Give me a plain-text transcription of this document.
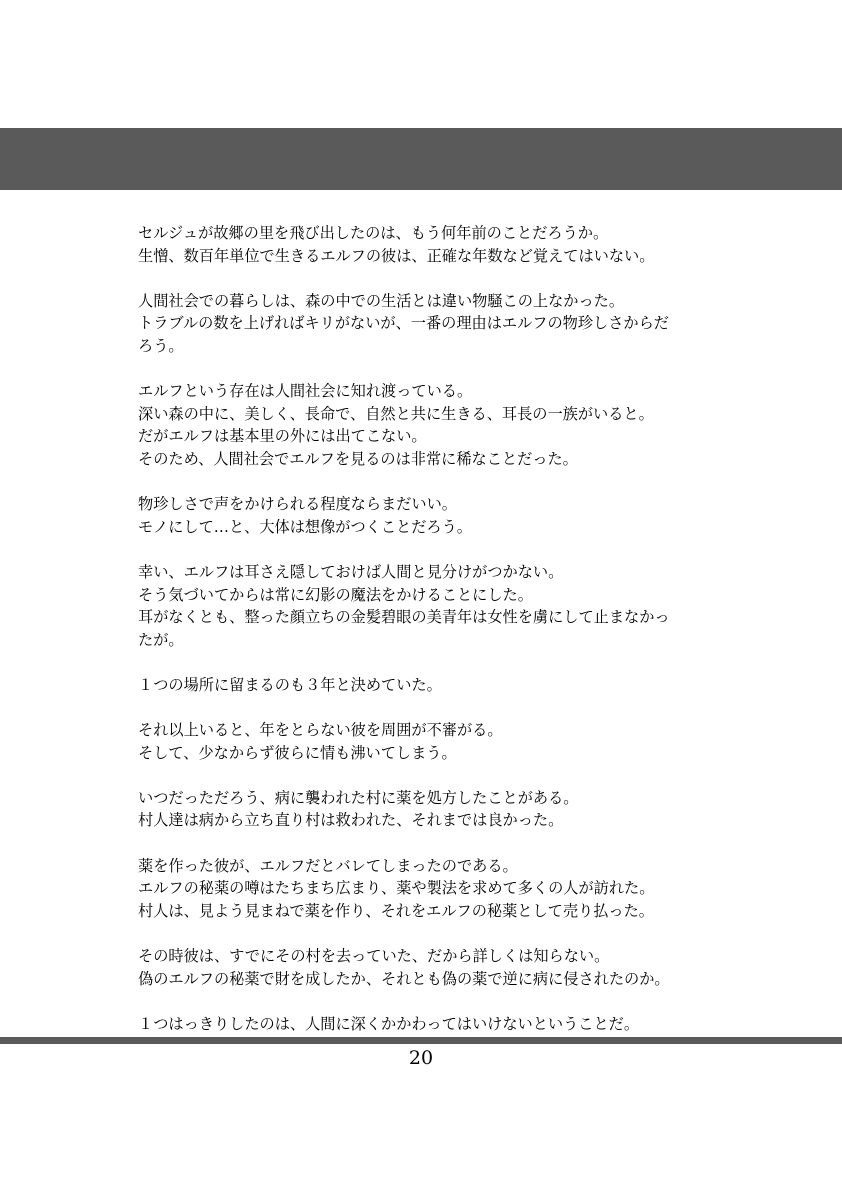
セルジュが故郷の里を飛び出したのは、もう何年前のことだろうか。
生憎、数百年単位で生きるエルフの彼は、正確な年数など覚えてはいない。
人間社会での暮らしは、森の中での生活とは違い物騒この上なかった。
トラブルの数を上げればキリがないが、一番の理由はエルフの物珍しさからだ
ろう。
エルフという存在は人間社会に知れ渡っている。
深い森の中に、美しく、長命で、自然と共に生きる、耳長の一族がいると。
だがエルフは基本里の外には出てこない。
そのため、人間社会でエルフを見るのは非常に稀なことだった。
物珍しさで声をかけられる程度ならまだいい。
モノにして…と、大体は想像がつくことだろう。
幸い、エルフは耳さえ隠しておけば人間と見分けがつかない。
そう気づいてからは常に幻影の魔法をかけることにした。
耳がなくとも、整った顔立ちの金髪碧眼の美青年は女性を虜にして止まなかっ
たが。
１つの場所に留まるのも３年と決めていた。
それ以上いると、年をとらない彼を周囲が不審がる。
そして、少なからず彼らに情も沸いてしまう。
いつだっただろう、病に襲われた村に薬を処方したことがある。
村人達は病から立ち直り村は救われた、それまでは良かった。
薬を作った彼が、エルフだとバレてしまったのである。
エルフの秘薬の噂はたちまち広まり、薬や製法を求めて多くの人が訪れた。
村人は、見よう見まねで薬を作り、それをエルフの秘薬として売り払った。
その時彼は、すでにその村を去っていた、だから詳しくは知らない。
偽のエルフの秘薬で財を成したか、それとも偽の薬で逆に病に侵されたのか。
１つはっきりしたのは、人間に深くかかわってはいけないということだ。
20
